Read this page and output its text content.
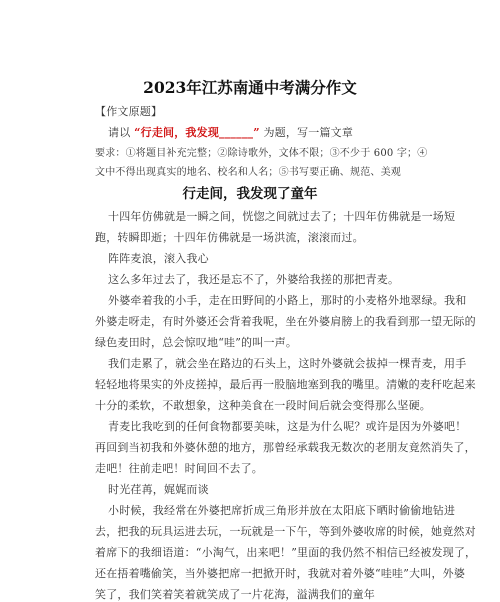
2023年江苏南通中考满分作文
【作文原题】
请以 “行走间，我发现______” 为题，写一篇文章
要求：①将题目补充完整；②除诗歌外，文体不限；③不少于 600 字；④
文中不得出现真实的地名、校名和人名；⑤书写要正确、规范、美观
行走间，我发现了童年
十四年仿佛就是一瞬之间，恍惚之间就过去了；十四年仿佛就是一场短
跑，转瞬即逝；十四年仿佛就是一场洪流，滚滚而过。
阵阵麦浪，滚入我心
这么多年过去了，我还是忘不了，外婆给我搓的那把青麦。
外婆牵着我的小手，走在田野间的小路上，那时的小麦格外地翠绿。我和
外婆走呀走，有时外婆还会背着我呢，坐在外婆肩膀上的我看到那一望无际的
绿色麦田时，总会惊叹地“哇”的叫一声。
我们走累了，就会坐在路边的石头上，这时外婆就会拔掉一棵青麦，用手
轻轻地将果实的外皮搓掉，最后再一股脑地塞到我的嘴里。清嫩的麦秆吃起来
十分的柔软，不敢想象，这种美食在一段时间后就会变得那么坚硬。
青麦比我吃到的任何食物都要美味，这是为什么呢？或许是因为外婆吧！
再回到当初我和外婆休憩的地方，那曾经承载我无数次的老朋友竟然消失了，
走吧！往前走吧！时间回不去了。
时光荏苒，娓娓而谈
小时候，我经常在外婆把席折成三角形并放在太阳底下晒时偷偷地钻进
去，把我的玩具运进去玩，一玩就是一下午，等到外婆收席的时候，她竟然对
着席下的我细语道：“小淘气，出来吧！”里面的我仍然不相信已经被发现了，
还在捂着嘴偷笑，当外婆把席一把掀开时，我就对着外婆“哇哇”大叫，外婆
笑了，我们笑着笑着就笑成了一片花海，溢满我们的童年
